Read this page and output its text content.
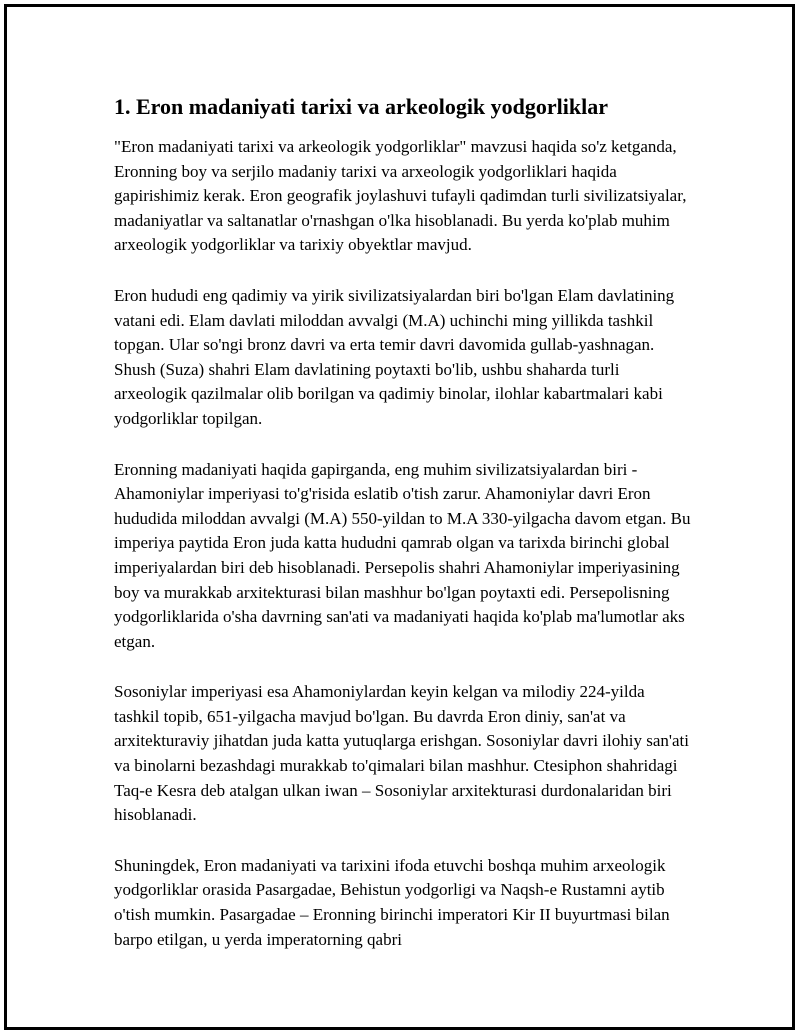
1. Eron madaniyati tarixi va arkeologik yodgorliklar

"Eron madaniyati tarixi va arkeologik yodgorliklar" mavzusi haqida so'z ketganda, Eronning boy va serjilo madaniy tarixi va arxeologik yodgorliklari haqida gapirishimiz kerak. Eron geografik joylashuvi tufayli qadimdan turli sivilizatsiyalar, madaniyatlar va saltanatlar o'rnashgan o'lka hisoblanadi. Bu yerda ko'plab muhim arxeologik yodgorliklar va tarixiy obyektlar mavjud.

Eron hududi eng qadimiy va yirik sivilizatsiyalardan biri bo'lgan Elam davlatining vatani edi. Elam davlati miloddan avvalgi (M.A) uchinchi ming yillikda tashkil topgan. Ular so'ngi bronz davri va erta temir davri davomida gullab-yashnagan. Shush (Suza) shahri Elam davlatining poytaxti bo'lib, ushbu shaharda turli arxeologik qazilmalar olib borilgan va qadimiy binolar, ilohlar kabartmalari kabi yodgorliklar topilgan.

Eronning madaniyati haqida gapirganda, eng muhim sivilizatsiyalardan biri - Ahamoniylar imperiyasi to'g'risida eslatib o'tish zarur. Ahamoniylar davri Eron hududida miloddan avvalgi (M.A) 550-yildan to M.A 330-yilgacha davom etgan. Bu imperiya paytida Eron juda katta hududni qamrab olgan va tarixda birinchi global imperiyalardan biri deb hisoblanadi. Persepolis shahri Ahamoniylar imperiyasining boy va murakkab arxitekturasi bilan mashhur bo'lgan poytaxti edi. Persepolisning yodgorliklarida o'sha davrning san'ati va madaniyati haqida ko'plab ma'lumotlar aks etgan.

Sosoniylar imperiyasi esa Ahamoniylardan keyin kelgan va milodiy 224-yilda tashkil topib, 651-yilgacha mavjud bo'lgan. Bu davrda Eron diniy, san'at va arxitekturaviy jihatdan juda katta yutuqlarga erishgan. Sosoniylar davri ilohiy san'ati va binolarni bezashdagi murakkab to'qimalari bilan mashhur. Ctesiphon shahridagi Taq-e Kesra deb atalgan ulkan iwan – Sosoniylar arxitekturasi durdonalaridan biri hisoblanadi.

Shuningdek, Eron madaniyati va tarixini ifoda etuvchi boshqa muhim arxeologik yodgorliklar orasida Pasargadae, Behistun yodgorligi va Naqsh-e Rustamni aytib o'tish mumkin. Pasargadae – Eronning birinchi imperatori Kir II buyurtmasi bilan barpo etilgan, u yerda imperatorning qabri
